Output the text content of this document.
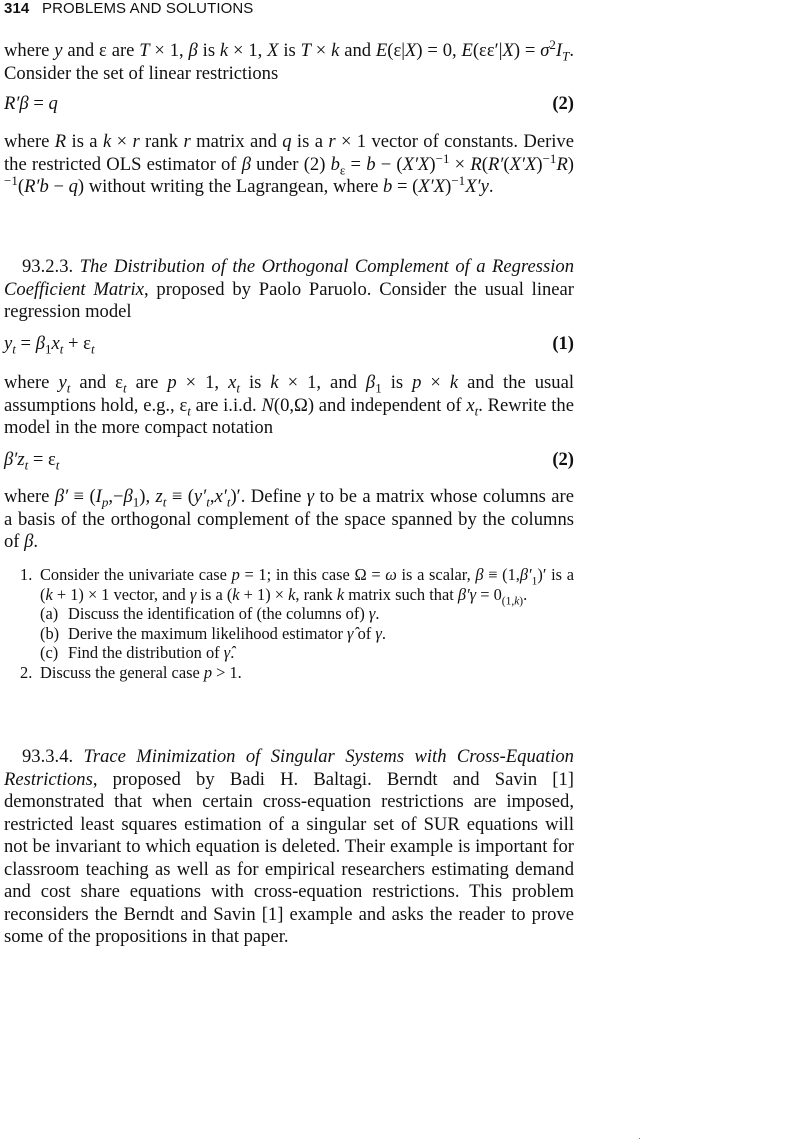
314 PROBLEMS AND SOLUTIONS

where y and ε are T × 1, β is k × 1, X is T × k and E(ε|X) = 0, $E(\varepsilon\varepsilon'|X) = \sigma^2I_T$. Consider the set of linear restrictions

R′β = q	(2)

where R is a k × r rank r matrix and q is a r × 1 vector of constants. Derive the restricted OLS estimator of β under (2) $b_\varepsilon = b - (X'X)^{-1} \times R(R'(X'X)^{-1}R)^{-1}(R'b - q)$ without writing the Lagrangean, where $b = (X'X)^{-1}X'y$.

93.2.3. The Distribution of the Orthogonal Complement of a Regression Coefficient Matrix, proposed by Paolo Paruolo. Consider the usual linear regression model

$y_t = \beta_1x_t + \varepsilon_t$	(1)

where $y_t$ and $\varepsilon_t$ are p × 1, $x_t$ is k × 1, and $\beta_1$ is p × k and the usual assumptions hold, e.g., $\varepsilon_t$ are i.i.d. N(0,Ω) and independent of $x_t$. Rewrite the model in the more compact notation

$\beta'z_t = \varepsilon_t$	(2)

where $\beta' \equiv (I_p,-\beta_1)$, $z_t \equiv (y'_t,x'_t)'$. Define γ to be a matrix whose columns are a basis of the orthogonal complement of the space spanned by the columns of β.

1. Consider the univariate case p = 1; in this case Ω = ω is a scalar, $\beta \equiv (1,\beta'_1)'$ is a (k + 1) × 1 vector, and γ is a (k + 1) × k, rank k matrix such that $\beta'\gamma = 0_{(1,k)}$.
(a) Discuss the identification of (the columns of) γ.
(b) Derive the maximum likelihood estimator γ̂ of γ.
(c) Find the distribution of γ̂.
2. Discuss the general case p > 1.

93.3.4. Trace Minimization of Singular Systems with Cross-Equation Restrictions, proposed by Badi H. Baltagi. Berndt and Savin [1] demonstrated that when certain cross-equation restrictions are imposed, restricted least squares estimation of a singular set of SUR equations will not be invariant to which equation is deleted. Their example is important for classroom teaching as well as for empirical researchers estimating demand and cost share equations with cross-equation restrictions. This problem reconsiders the Berndt and Savin [1] example and asks the reader to prove some of the propositions in that paper.
